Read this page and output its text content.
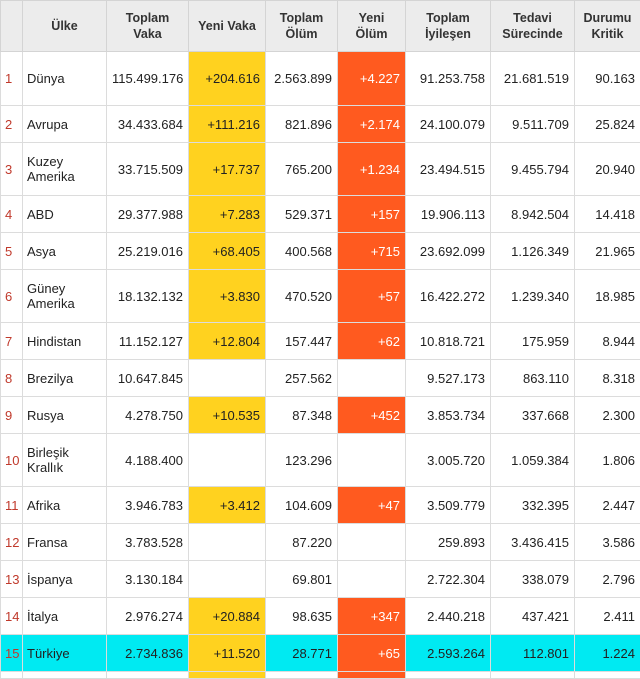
	Ülke	Toplam Vaka	Yeni Vaka	Toplam Ölüm	Yeni Ölüm	Toplam İyileşen	Tedavi Sürecinde	Durumu Kritik
1	Dünya	115.499.176	+204.616	2.563.899	+4.227	91.253.758	21.681.519	90.163
2	Avrupa	34.433.684	+111.216	821.896	+2.174	24.100.079	9.511.709	25.824
3	Kuzey Amerika	33.715.509	+17.737	765.200	+1.234	23.494.515	9.455.794	20.940
4	ABD	29.377.988	+7.283	529.371	+157	19.906.113	8.942.504	14.418
5	Asya	25.219.016	+68.405	400.568	+715	23.692.099	1.126.349	21.965
6	Güney Amerika	18.132.132	+3.830	470.520	+57	16.422.272	1.239.340	18.985
7	Hindistan	11.152.127	+12.804	157.447	+62	10.818.721	175.959	8.944
8	Brezilya	10.647.845		257.562		9.527.173	863.110	8.318
9	Rusya	4.278.750	+10.535	87.348	+452	3.853.734	337.668	2.300
10	Birleşik Krallık	4.188.400		123.296		3.005.720	1.059.384	1.806
11	Afrika	3.946.783	+3.412	104.609	+47	3.509.779	332.395	2.447
12	Fransa	3.783.528		87.220		259.893	3.436.415	3.586
13	İspanya	3.130.184		69.801		2.722.304	338.079	2.796
14	İtalya	2.976.274	+20.884	98.635	+347	2.440.218	437.421	2.411
15	Türkiye	2.734.836	+11.520	28.771	+65	2.593.264	112.801	1.224
